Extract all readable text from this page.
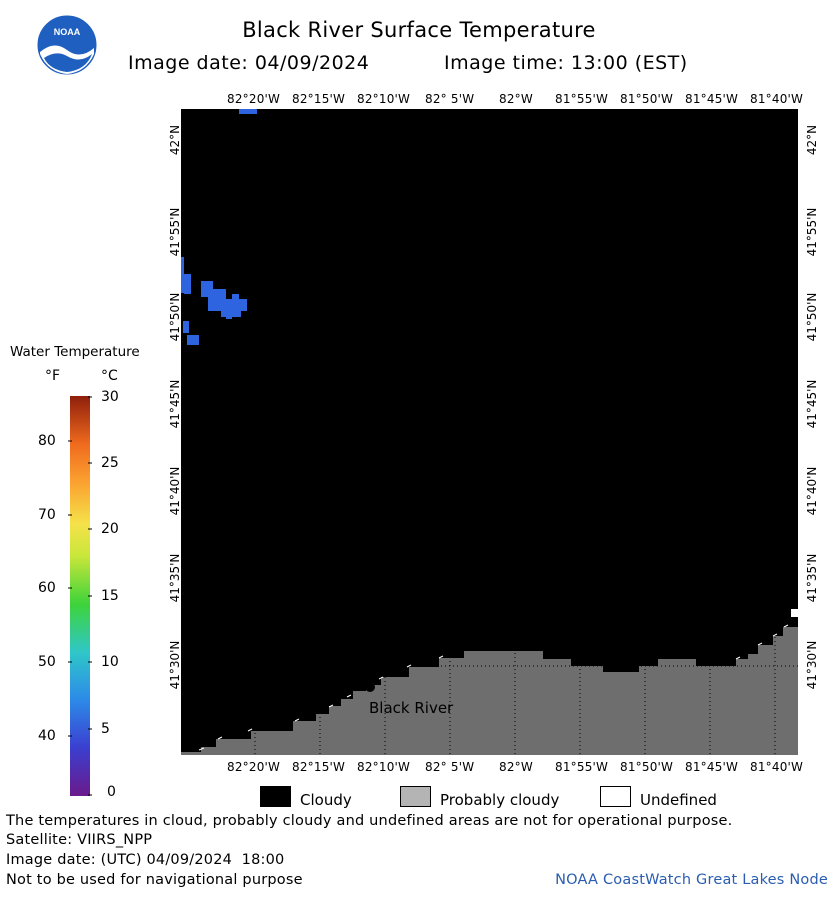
NOAA	Black River Surface Temperature
Image date: 04/09/2024	Image time: 13:00 (EST)
Black River
82°20'W 82°15'W 82°10'W 82° 5'W 82°W 81°55'W 81°50'W 81°45'W 81°40'W
82°20'W 82°15'W 82°10'W 82° 5'W 82°W 81°55'W 81°50'W 81°45'W 81°40'W
42°N
41°55'N
41°50'N
41°45'N
41°40'N
41°35'N
41°30'N
42°N
41°55'N
41°50'N
41°45'N
41°40'N
41°35'N
41°30'N
Water Temperature
°F	°C
80
70
60
50
40
30
25
20
15
10
5
0	Cloudy	Probably cloudy	Undefined
The temperatures in cloud, probably cloudy and undefined areas are not for operational purpose.
Satellite: VIIRS_NPP
Image date: (UTC) 04/09/2024  18:00
Not to be used for navigational purpose	NOAA CoastWatch Great Lakes Node
